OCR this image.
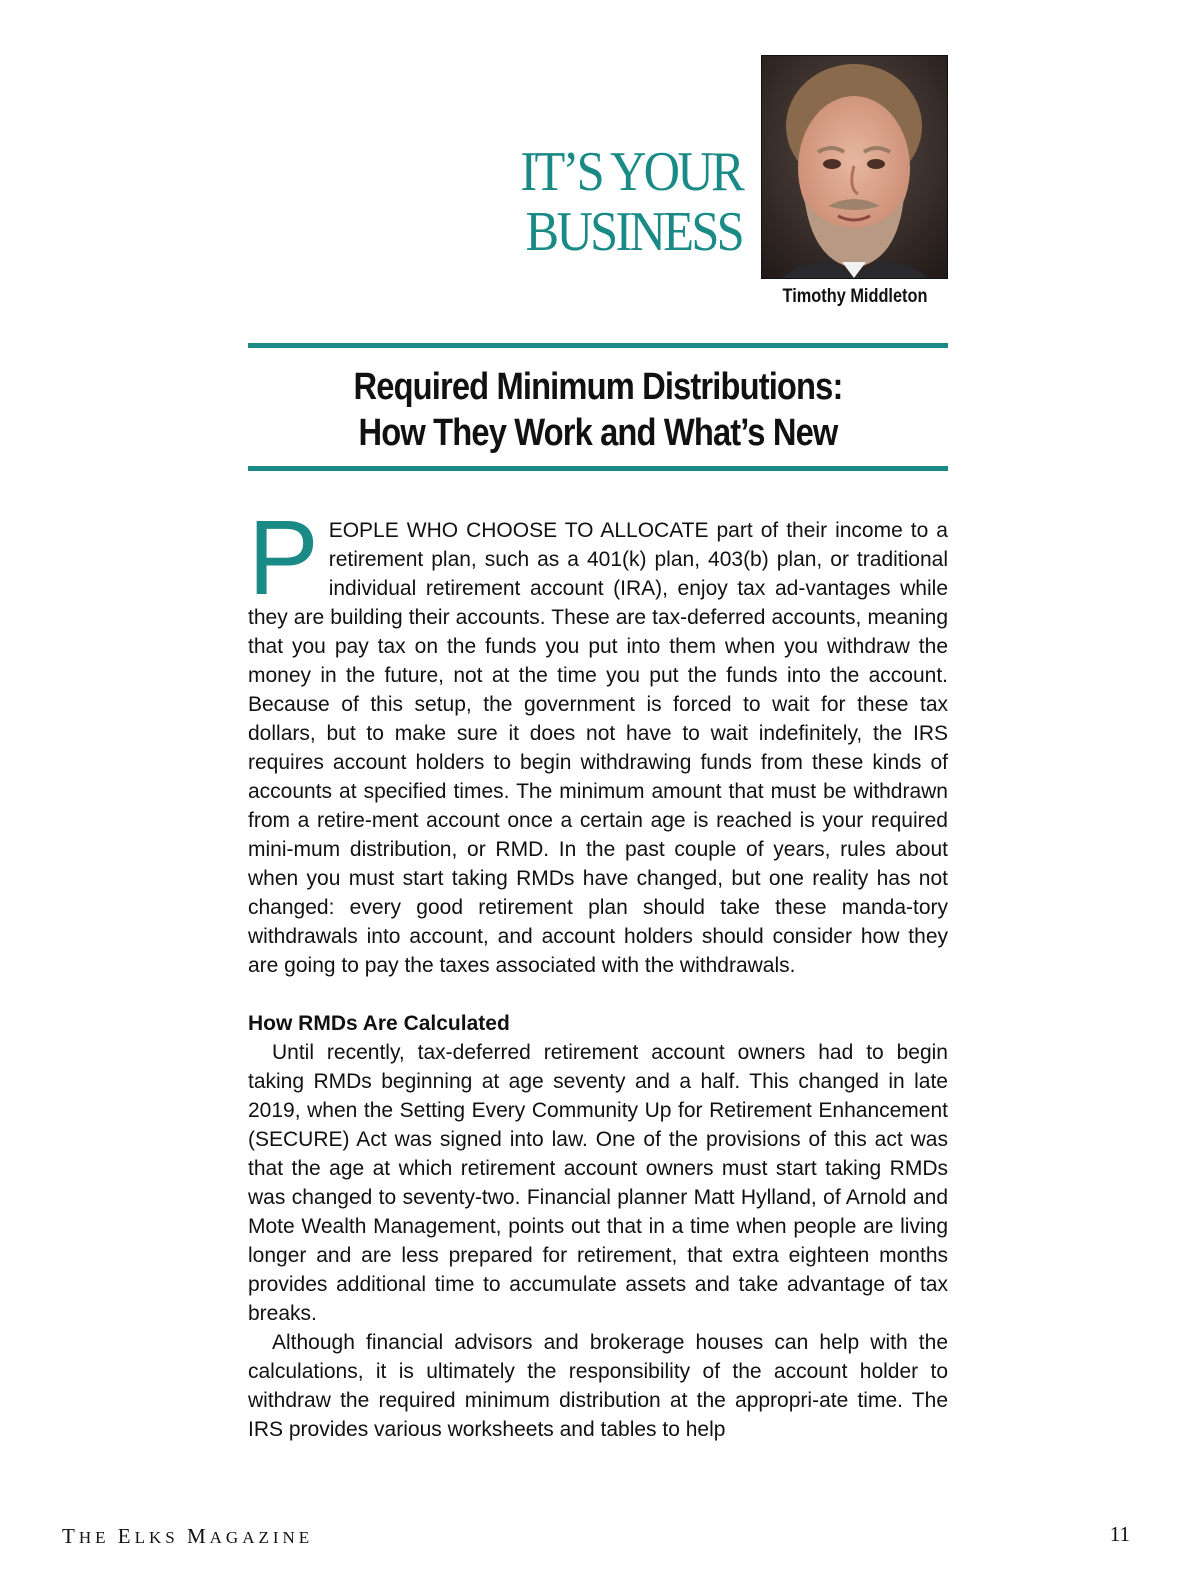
IT’S YOUR
BUSINESS
Timothy Middleton
Required Minimum Distributions:
How They Work and What’s New

PEOPLE WHO CHOOSE TO ALLOCATE part of their income to a retirement plan, such as a 401(k) plan, 403(b) plan, or traditional individual retirement account (IRA), enjoy tax ad-vantages while they are building their accounts. These are tax-deferred accounts, meaning that you pay tax on the funds you put into them when you withdraw the money in the future, not at the time you put the funds into the account. Because of this setup, the government is forced to wait for these tax dollars, but to make sure it does not have to wait indefinitely, the IRS requires account holders to begin withdrawing funds from these kinds of accounts at specified times. The minimum amount that must be withdrawn from a retire-ment account once a certain age is reached is your required mini-mum distribution, or RMD. In the past couple of years, rules about when you must start taking RMDs have changed, but one reality has not changed: every good retirement plan should take these manda-tory withdrawals into account, and account holders should consider how they are going to pay the taxes associated with the withdrawals.

How RMDs Are Calculated

Until recently, tax-deferred retirement account owners had to begin taking RMDs beginning at age seventy and a half. This changed in late 2019, when the Setting Every Community Up for Retirement Enhancement (SECURE) Act was signed into law. One of the provisions of this act was that the age at which retirement account owners must start taking RMDs was changed to seventy-two. Financial planner Matt Hylland, of Arnold and Mote Wealth Management, points out that in a time when people are living longer and are less prepared for retirement, that extra eighteen months provides additional time to accumulate assets and take advantage of tax breaks.

Although financial advisors and brokerage houses can help with the calculations, it is ultimately the responsibility of the account holder to withdraw the required minimum distribution at the appropri-ate time. The IRS provides various worksheets and tables to help

THE ELKS MAGAZINE	11
